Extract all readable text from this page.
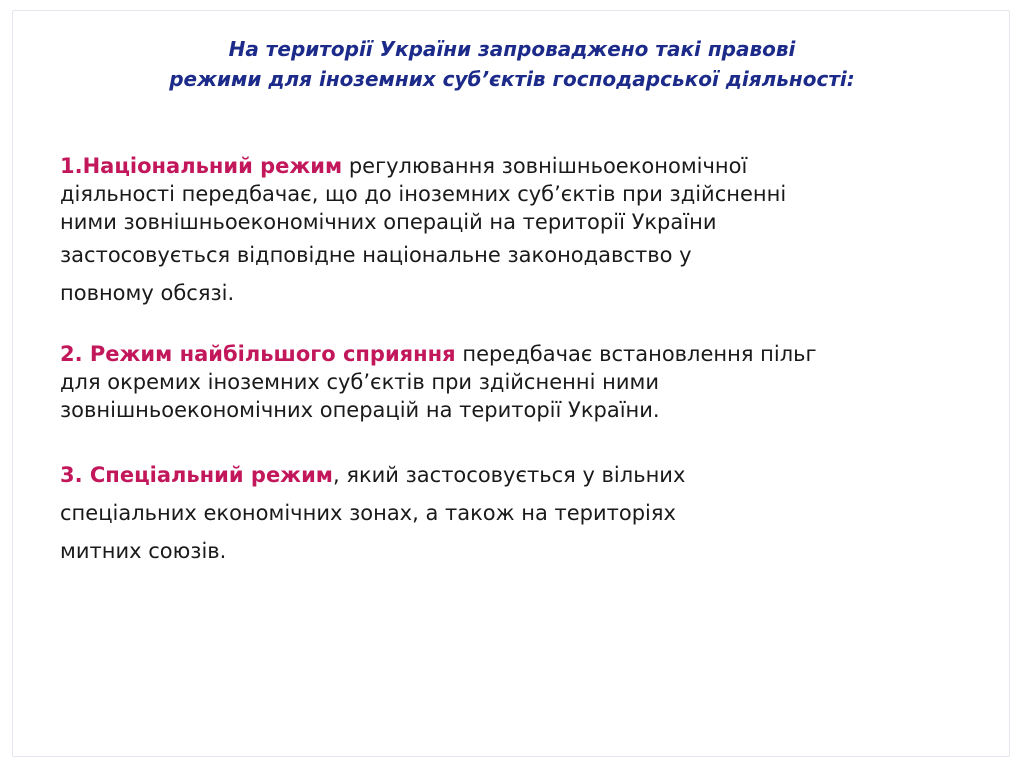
На території України запроваджено такі правові
режими для іноземних суб’єктів господарської діяльності:
1.Національний режим регулювання зовнішньоекономічної
діяльності передбачає, що до іноземних суб’єктів при здійсненні
ними зовнішньоекономічних операцій на території України
застосовується відповідне національне законодавство у
повному обсязі.
2. Режим найбільшого сприяння передбачає встановлення пільг
для окремих іноземних суб’єктів при здійсненні ними
зовнішньоекономічних операцій на території України.
3. Спеціальний режим, який застосовується у вільних
спеціальних економічних зонах, а також на територіях
митних союзів.
